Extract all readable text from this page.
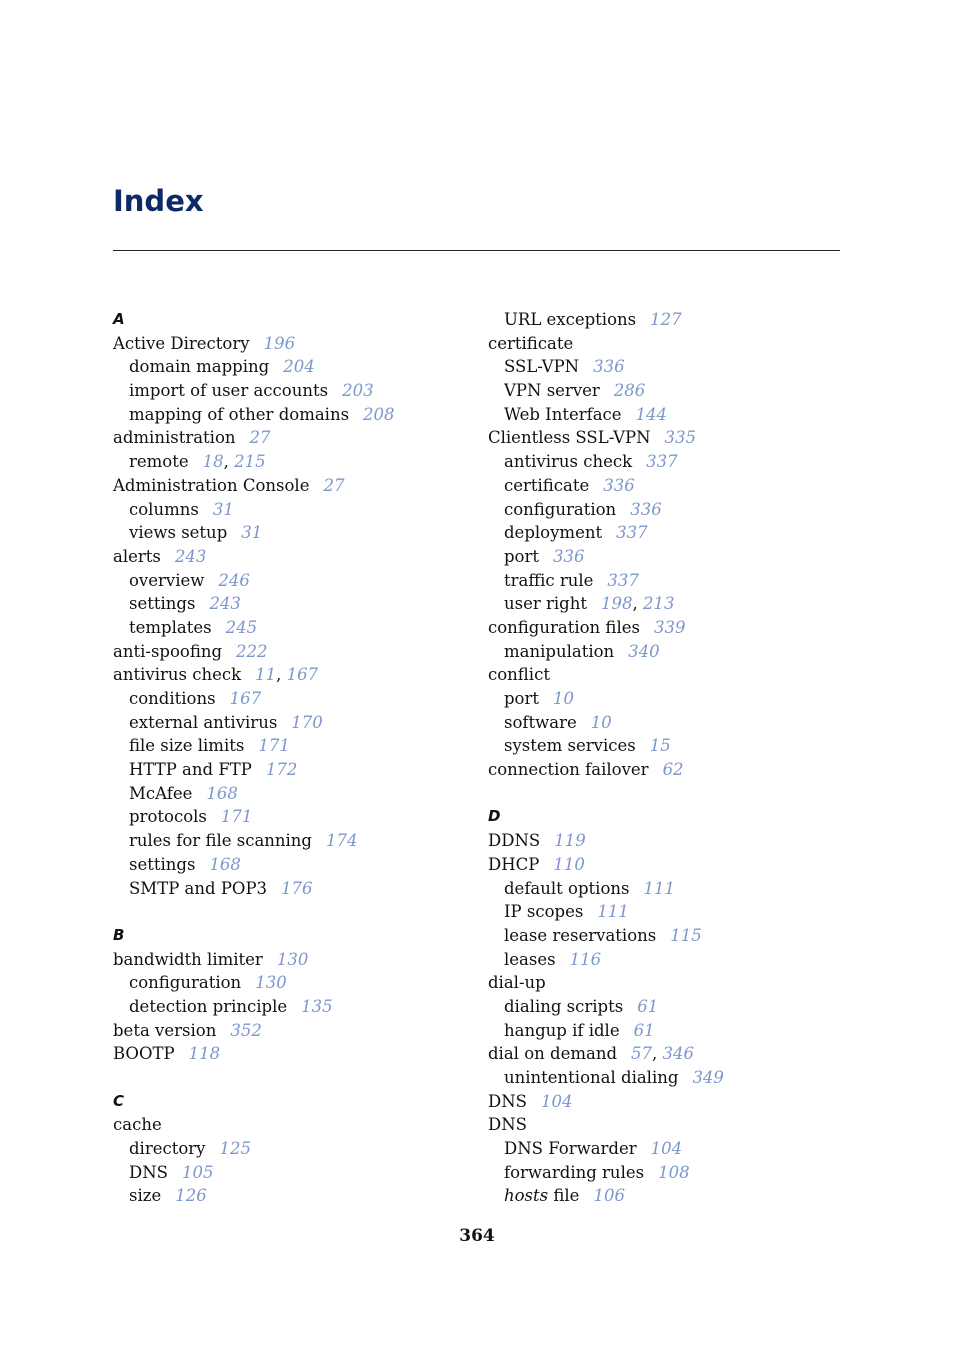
Index
A
Active Directory 196
domain mapping 204
import of user accounts 203
mapping of other domains 208
administration 27
remote 18, 215
Administration Console 27
columns 31
views setup 31
alerts 243
overview 246
settings 243
templates 245
anti-spoofing 222
antivirus check 11, 167
conditions 167
external antivirus 170
file size limits 171
HTTP and FTP 172
McAfee 168
protocols 171
rules for file scanning 174
settings 168
SMTP and POP3 176
B
bandwidth limiter 130
configuration 130
detection principle 135
beta version 352
BOOTP 118
C
cache
directory 125
DNS 105
size 126
URL exceptions 127
certificate
SSL-VPN 336
VPN server 286
Web Interface 144
Clientless SSL-VPN 335
antivirus check 337
certificate 336
configuration 336
deployment 337
port 336
traffic rule 337
user right 198, 213
configuration files 339
manipulation 340
conflict
port 10
software 10
system services 15
connection failover 62
D
DDNS 119
DHCP 110
default options 111
IP scopes 111
lease reservations 115
leases 116
dial-up
dialing scripts 61
hangup if idle 61
dial on demand 57, 346
unintentional dialing 349
DNS 104
DNS
DNS Forwarder 104
forwarding rules 108
hosts file 106
364
